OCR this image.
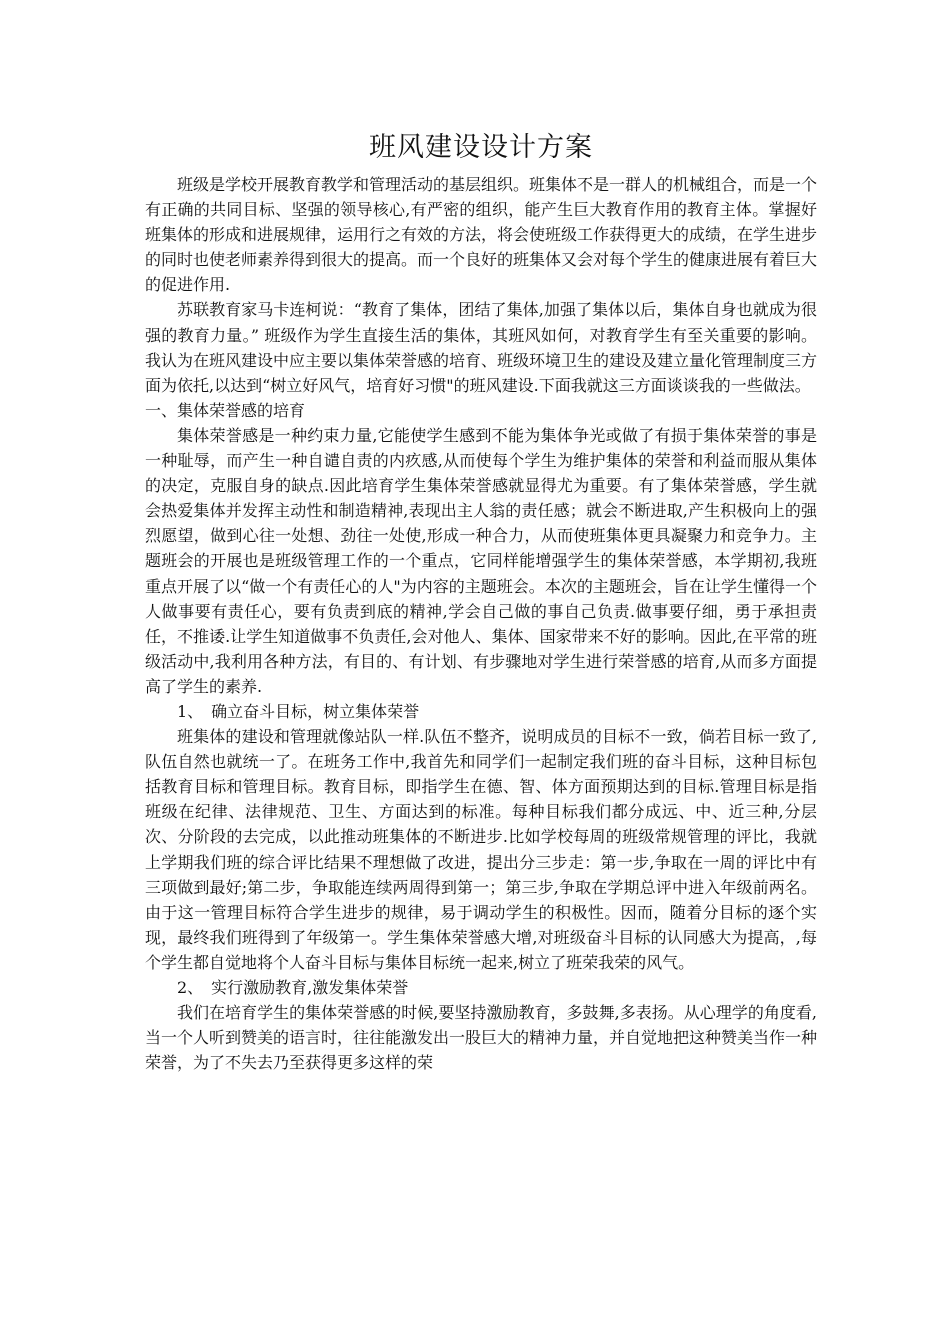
班风建设设计方案

班级是学校开展教育教学和管理活动的基层组织。班集体不是一群人的机械组合，而是一个有正确的共同目标、坚强的领导核心,有严密的组织，能产生巨大教育作用的教育主体。掌握好班集体的形成和进展规律，运用行之有效的方法，将会使班级工作获得更大的成绩，在学生进步的同时也使老师素养得到很大的提高。而一个良好的班集体又会对每个学生的健康进展有着巨大的促进作用.

苏联教育家马卡连柯说：“教育了集体，团结了集体,加强了集体以后，集体自身也就成为很强的教育力量。” 班级作为学生直接生活的集体，其班风如何，对教育学生有至关重要的影响。我认为在班风建设中应主要以集体荣誉感的培育、班级环境卫生的建设及建立量化管理制度三方面为依托,以达到“树立好风气，培育好习惯"的班风建设.下面我就这三方面谈谈我的一些做法。

一、集体荣誉感的培育

集体荣誉感是一种约束力量,它能使学生感到不能为集体争光或做了有损于集体荣誉的事是一种耻辱，而产生一种自谴自责的内疚感,从而使每个学生为维护集体的荣誉和利益而服从集体的决定，克服自身的缺点.因此培育学生集体荣誉感就显得尤为重要。有了集体荣誉感，学生就会热爱集体并发挥主动性和制造精神,表现出主人翁的责任感；就会不断进取,产生积极向上的强烈愿望，做到心往一处想、劲往一处使,形成一种合力，从而使班集体更具凝聚力和竞争力。主题班会的开展也是班级管理工作的一个重点，它同样能增强学生的集体荣誉感，本学期初,我班重点开展了以“做一个有责任心的人"为内容的主题班会。本次的主题班会，旨在让学生懂得一个人做事要有责任心，要有负责到底的精神,学会自己做的事自己负责.做事要仔细，勇于承担责任，不推诿.让学生知道做事不负责任,会对他人、集体、国家带来不好的影响。因此,在平常的班级活动中,我利用各种方法，有目的、有计划、有步骤地对学生进行荣誉感的培育,从而多方面提高了学生的素养.

1、　确立奋斗目标，树立集体荣誉

班集体的建设和管理就像站队一样.队伍不整齐，说明成员的目标不一致，倘若目标一致了,队伍自然也就统一了。在班务工作中,我首先和同学们一起制定我们班的奋斗目标，这种目标包括教育目标和管理目标。教育目标，即指学生在德、智、体方面预期达到的目标.管理目标是指班级在纪律、法律规范、卫生、方面达到的标准。每种目标我们都分成远、中、近三种,分层次、分阶段的去完成，以此推动班集体的不断进步.比如学校每周的班级常规管理的评比，我就上学期我们班的综合评比结果不理想做了改进，提出分三步走：第一步,争取在一周的评比中有三项做到最好;第二步，争取能连续两周得到第一；第三步,争取在学期总评中进入年级前两名。由于这一管理目标符合学生进步的规律，易于调动学生的积极性。因而，随着分目标的逐个实现，最终我们班得到了年级第一。学生集体荣誉感大增,对班级奋斗目标的认同感大为提高，,每个学生都自觉地将个人奋斗目标与集体目标统一起来,树立了班荣我荣的风气。

2、　实行激励教育,激发集体荣誉

我们在培育学生的集体荣誉感的时候,要坚持激励教育，多鼓舞,多表扬。从心理学的角度看,当一个人听到赞美的语言时，往往能激发出一股巨大的精神力量，并自觉地把这种赞美当作一种荣誉，为了不失去乃至获得更多这样的荣
